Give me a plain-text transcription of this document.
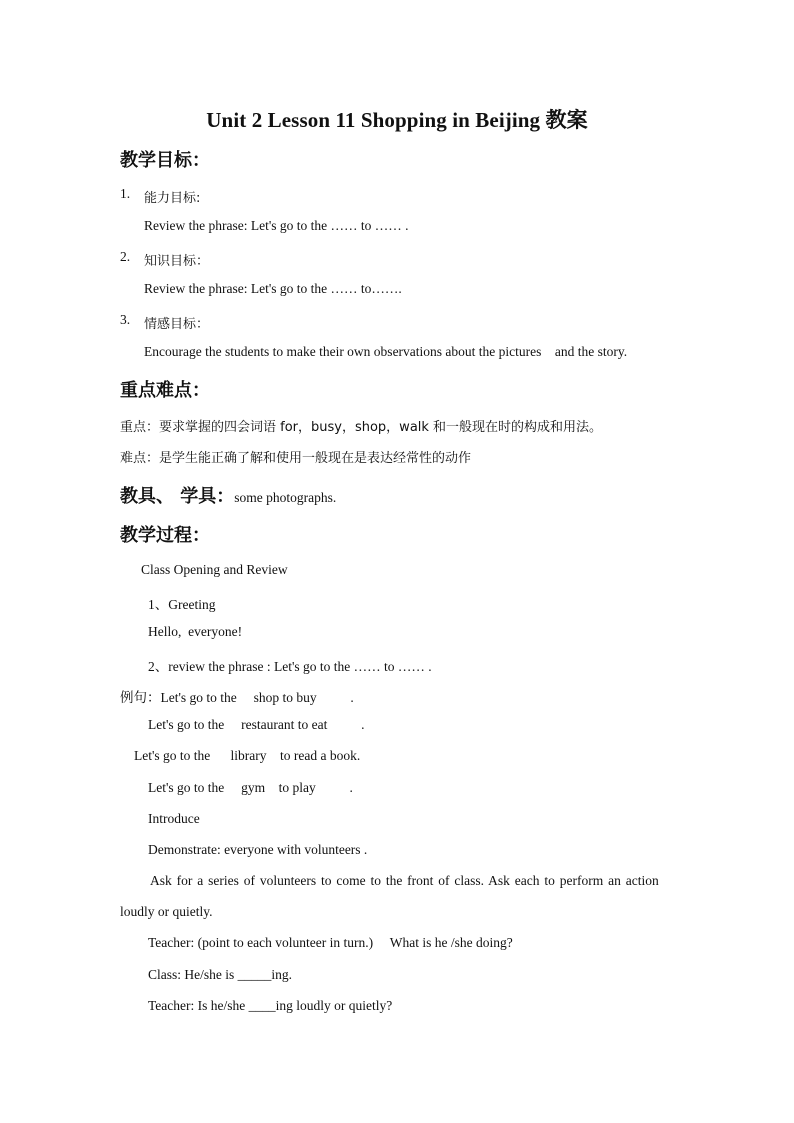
Unit 2 Lesson 11 Shopping in Beijing 教案
教学目标：
1. 能力目标:
Review the phrase: Let's go to the …… to …… .
2. 知识目标：
Review the phrase: Let's go to the …… to…….
3. 情感目标：
Encourage the students to make their own observations about the pictures    and the story.
重点难点：
重点：要求掌握的四会词语 for，busy，shop，walk 和一般现在时的构成和用法。
难点：是学生能正确了解和使用一般现在是表达经常性的动作
教具、 学具：some photographs.
教学过程：
Class Opening and Review
1、Greeting
Hello,  everyone!
2、review the phrase : Let's go to the …… to …… .
例句：Let's go to the     shop to buy          .
Let's go to the     restaurant to eat          .
Let's go to the      library    to read a book.
Let's go to the     gym    to play          .
Introduce
Demonstrate: everyone with volunteers .
Ask for a series of volunteers to come to the front of class. Ask each to perform an action
loudly or quietly.
Teacher: (point to each volunteer in turn.)     What is he /she doing?
Class: He/she is _____ing.
Teacher: Is he/she ____ing loudly or quietly?
